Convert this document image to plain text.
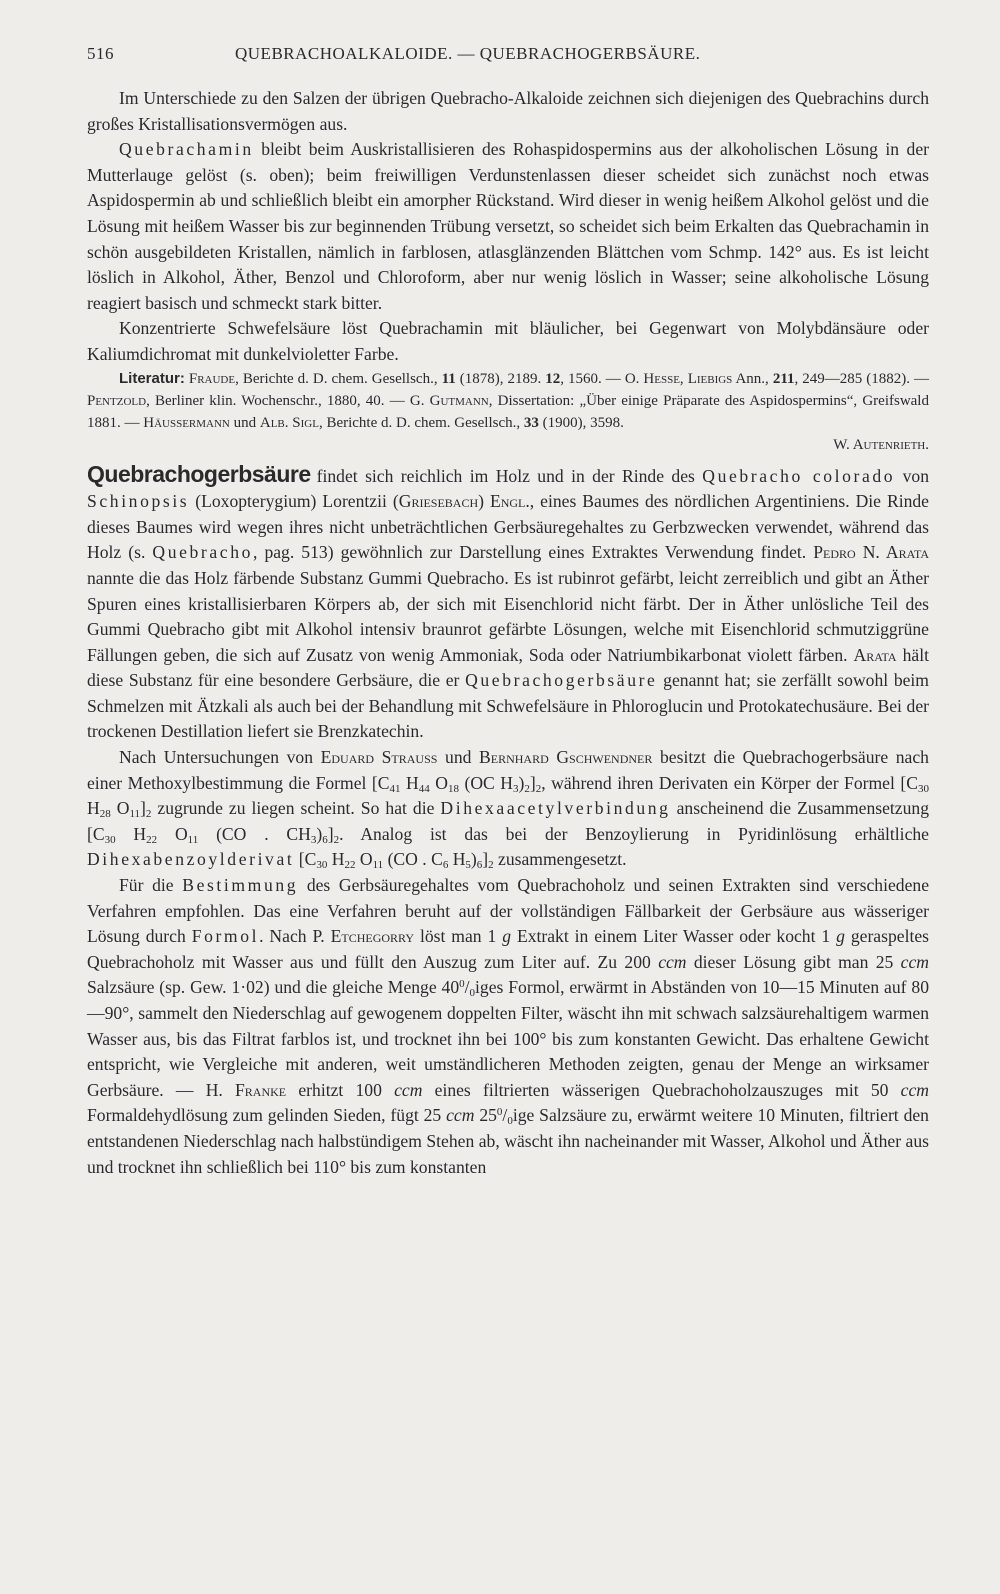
516	QUEBRACHOALKALOIDE. — QUEBRACHOGERBSÄURE.

Im Unterschiede zu den Salzen der übrigen Quebracho-Alkaloide zeichnen sich diejenigen des Quebrachins durch großes Kristallisationsvermögen aus.

Quebrachamin bleibt beim Auskristallisieren des Rohaspidospermins aus der alkoholischen Lösung in der Mutterlauge gelöst (s. oben); beim freiwilligen Verdunstenlassen dieser scheidet sich zunächst noch etwas Aspidospermin ab und schließlich bleibt ein amorpher Rückstand. Wird dieser in wenig heißem Alkohol gelöst und die Lösung mit heißem Wasser bis zur beginnenden Trübung versetzt, so scheidet sich beim Erkalten das Quebrachamin in schön ausgebildeten Kristallen, nämlich in farblosen, atlasglänzenden Blättchen vom Schmp. 142° aus. Es ist leicht löslich in Alkohol, Äther, Benzol und Chloroform, aber nur wenig löslich in Wasser; seine alkoholische Lösung reagiert basisch und schmeckt stark bitter.

Konzentrierte Schwefelsäure löst Quebrachamin mit bläulicher, bei Gegenwart von Molybdänsäure oder Kaliumdichromat mit dunkelvioletter Farbe.

Literatur: Fraude, Berichte d. D. chem. Gesellsch., 11 (1878), 2189. 12, 1560. — O. Hesse, Liebigs Ann., 211, 249—285 (1882). — Pentzold, Berliner klin. Wochenschr., 1880, 40. — G. Gutmann, Dissertation: „Über einige Präparate des Aspidospermins“, Greifswald 1881. — Häussermann und Alb. Sigl, Berichte d. D. chem. Gesellsch., 33 (1900), 3598.

W. Autenrieth.

Quebrachogerbsäure findet sich reichlich im Holz und in der Rinde des Quebracho colorado von Schinopsis (Loxopterygium) Lorentzii (Griesebach) Engl., eines Baumes des nördlichen Argentiniens. Die Rinde dieses Baumes wird wegen ihres nicht unbeträchtlichen Gerbsäuregehaltes zu Gerbzwecken verwendet, während das Holz (s. Quebracho, pag. 513) gewöhnlich zur Darstellung eines Extraktes Verwendung findet. Pedro N. Arata nannte die das Holz färbende Substanz Gummi Quebracho. Es ist rubinrot gefärbt, leicht zerreiblich und gibt an Äther Spuren eines kristallisierbaren Körpers ab, der sich mit Eisenchlorid nicht färbt. Der in Äther unlösliche Teil des Gummi Quebracho gibt mit Alkohol intensiv braunrot gefärbte Lösungen, welche mit Eisenchlorid schmutziggrüne Fällungen geben, die sich auf Zusatz von wenig Ammoniak, Soda oder Natriumbikarbonat violett färben. Arata hält diese Substanz für eine besondere Gerbsäure, die er Quebrachogerbsäure genannt hat; sie zerfällt sowohl beim Schmelzen mit Ätzkali als auch bei der Behandlung mit Schwefelsäure in Phloroglucin und Protokatechusäure. Bei der trockenen Destillation liefert sie Brenzkatechin.

Nach Untersuchungen von Eduard Strauss und Bernhard Gschwendner besitzt die Quebrachogerbsäure nach einer Methoxylbestimmung die Formel [$C_{41}$ $H_{44}$ $O_{18}$ (OC $H_3)_2]_2$, während ihren Derivaten ein Körper der Formel [$C_{30}$ $H_{28}$ $O_{11}]_2$ zugrunde zu liegen scheint. So hat die Dihexaacetylverbindung anscheinend die Zusammensetzung [$C_{30}$ $H_{22}$ $O_{11}$ (CO . $CH_3)_6]_2$. Analog ist das bei der Benzoylierung in Pyridinlösung erhältliche Dihexabenzoylderivat [$C_{30}$ $H_{22}$ $O_{11}$ (CO . $C_6$ $H_5)_6]_2$ zusammengesetzt.

Für die Bestimmung des Gerbsäuregehaltes vom Quebrachoholz und seinen Extrakten sind verschiedene Verfahren empfohlen. Das eine Verfahren beruht auf der vollständigen Fällbarkeit der Gerbsäure aus wässeriger Lösung durch Formol. Nach P. Etchegorry löst man 1 g Extrakt in einem Liter Wasser oder kocht 1 g geraspeltes Quebrachoholz mit Wasser aus und füllt den Auszug zum Liter auf. Zu 200 ccm dieser Lösung gibt man 25 ccm Salzsäure (sp. Gew. 1·02) und die gleiche Menge $40^0/_0iges$ Formol, erwärmt in Abständen von 10—15 Minuten auf 80—90°, sammelt den Niederschlag auf gewogenem doppelten Filter, wäscht ihn mit schwach salzsäurehaltigem warmen Wasser aus, bis das Filtrat farblos ist, und trocknet ihn bei 100° bis zum konstanten Gewicht. Das erhaltene Gewicht entspricht, wie Vergleiche mit anderen, weit umständlicheren Methoden zeigten, genau der Menge an wirksamer Gerbsäure. — H. Franke erhitzt 100 ccm eines filtrierten wässerigen Quebrachoholzauszuges mit 50 ccm Formaldehydlösung zum gelinden Sieden, fügt 25 ccm $25^0/_0ige$ Salzsäure zu, erwärmt weitere 10 Minuten, filtriert den entstandenen Niederschlag nach halbstündigem Stehen ab, wäscht ihn nacheinander mit Wasser, Alkohol und Äther aus und trocknet ihn schließlich bei 110° bis zum konstanten
